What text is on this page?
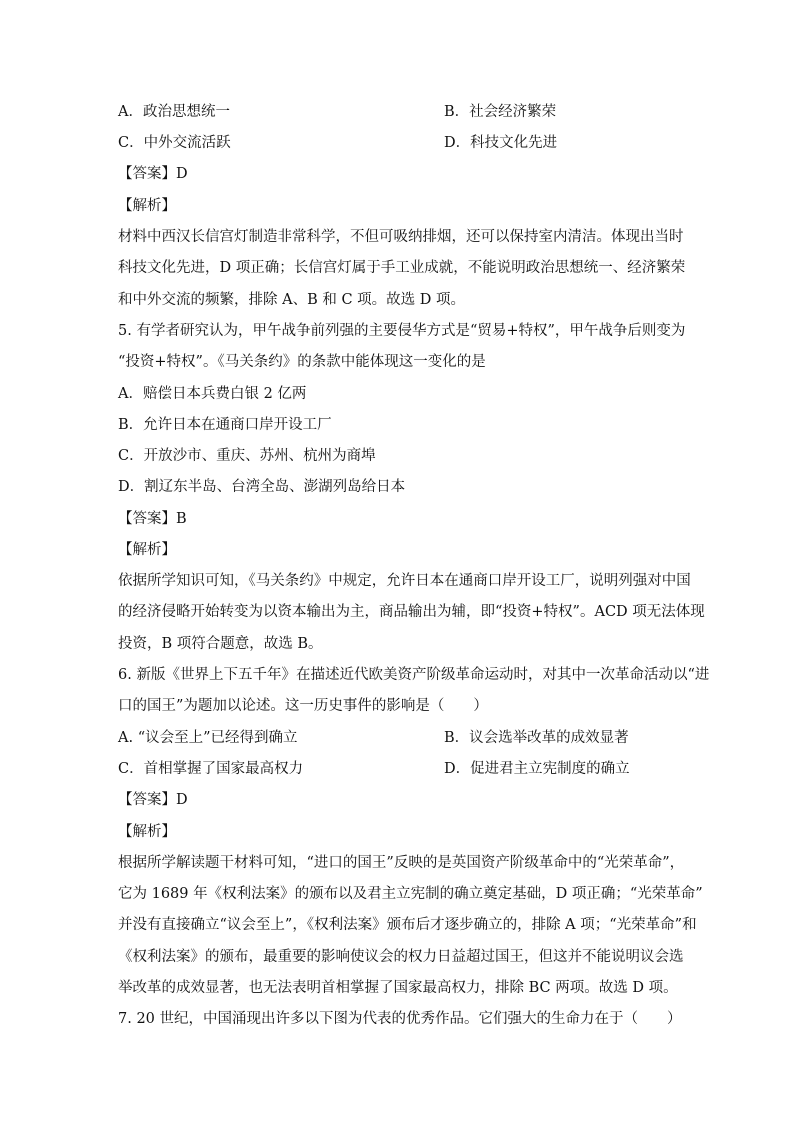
A．政治思想统一	B．社会经济繁荣
C．中外交流活跃	D．科技文化先进
【答案】D
【解析】
材料中西汉长信宫灯制造非常科学，不但可吸纳排烟，还可以保持室内清洁。体现出当时
科技文化先进，D 项正确；长信宫灯属于手工业成就，不能说明政治思想统一、经济繁荣
和中外交流的频繁，排除 A、B 和 C 项。故选 D 项。
5. 有学者研究认为，甲午战争前列强的主要侵华方式是“贸易+特权”，甲午战争后则变为
“投资+特权”。《马关条约》的条款中能体现这一变化的是
A．赔偿日本兵费白银 2 亿两
B．允许日本在通商口岸开设工厂
C．开放沙市、重庆、苏州、杭州为商埠
D．割辽东半岛、台湾全岛、澎湖列岛给日本
【答案】B
【解析】
依据所学知识可知，《马关条约》中规定，允许日本在通商口岸开设工厂，说明列强对中国
的经济侵略开始转变为以资本输出为主，商品输出为辅，即“投资+特权”。ACD 项无法体现
投资，B 项符合题意，故选 B。
6. 新版《世界上下五千年》在描述近代欧美资产阶级革命运动时，对其中一次革命活动以“进
口的国王”为题加以论述。这一历史事件的影响是（　　）
A. “议会至上”已经得到确立	B．议会选举改革的成效显著
C．首相掌握了国家最高权力	D．促进君主立宪制度的确立
【答案】D
【解析】
根据所学解读题干材料可知，“进口的国王”反映的是英国资产阶级革命中的“光荣革命”，
它为 1689 年《权利法案》的颁布以及君主立宪制的确立奠定基础，D 项正确；“光荣革命”
并没有直接确立“议会至上”，《权利法案》颁布后才逐步确立的，排除 A 项；“光荣革命”和
《权利法案》的颁布，最重要的影响使议会的权力日益超过国王，但这并不能说明议会选
举改革的成效显著，也无法表明首相掌握了国家最高权力，排除 BC 两项。故选 D 项。
7. 20 世纪，中国涌现出许多以下图为代表的优秀作品。它们强大的生命力在于（　　）
